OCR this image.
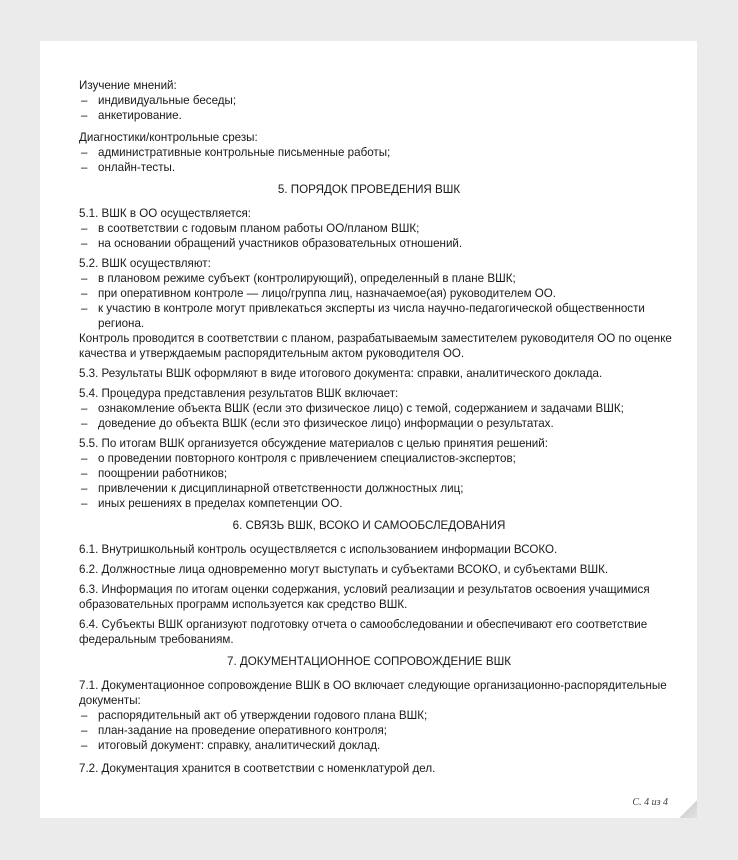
Изучение мнений:
– индивидуальные беседы;
– анкетирование.
Диагностики/контрольные срезы:
– административные контрольные письменные работы;
– онлайн-тесты.
5. ПОРЯДОК ПРОВЕДЕНИЯ ВШК
5.1. ВШК в ОО осуществляется:
– в соответствии с годовым планом работы ОО/планом ВШК;
– на основании обращений участников образовательных отношений.
5.2. ВШК осуществляют:
– в плановом режиме субъект (контролирующий), определенный в плане ВШК;
– при оперативном контроле — лицо/группа лиц, назначаемое(ая) руководителем ОО.
– к участию в контроле могут привлекаться эксперты из числа научно-педагогической общественности
региона.
Контроль проводится в соответствии с планом, разрабатываемым заместителем руководителя ОО по оценке
качества и утверждаемым распорядительным актом руководителя ОО.
5.3. Результаты ВШК оформляют в виде итогового документа: справки, аналитического доклада.
5.4. Процедура представления результатов ВШК включает:
– ознакомление объекта ВШК (если это физическое лицо) с темой, содержанием и задачами ВШК;
– доведение до объекта ВШК (если это физическое лицо) информации о результатах.
5.5. По итогам ВШК организуется обсуждение материалов с целью принятия решений:
– о проведении повторного контроля с привлечением специалистов-экспертов;
– поощрении работников;
– привлечении к дисциплинарной ответственности должностных лиц;
– иных решениях в пределах компетенции ОО.
6. СВЯЗЬ ВШК, ВСОКО И САМООБСЛЕДОВАНИЯ
6.1. Внутришкольный контроль осуществляется с использованием информации ВСОКО.
6.2. Должностные лица одновременно могут выступать и субъектами ВСОКО, и субъектами ВШК.
6.3. Информация по итогам оценки содержания, условий реализации и результатов освоения учащимися
образовательных программ используется как средство ВШК.
6.4. Субъекты ВШК организуют подготовку отчета о самообследовании и обеспечивают его соответствие
федеральным требованиям.
7. ДОКУМЕНТАЦИОННОЕ СОПРОВОЖДЕНИЕ ВШК
7.1. Документационное сопровождение ВШК в ОО включает следующие организационно-распорядительные
документы:
– распорядительный акт об утверждении годового плана ВШК;
– план-задание на проведение оперативного контроля;
– итоговый документ: справку, аналитический доклад.
7.2. Документация хранится в соответствии с номенклатурой дел.
С. 4 из 4
